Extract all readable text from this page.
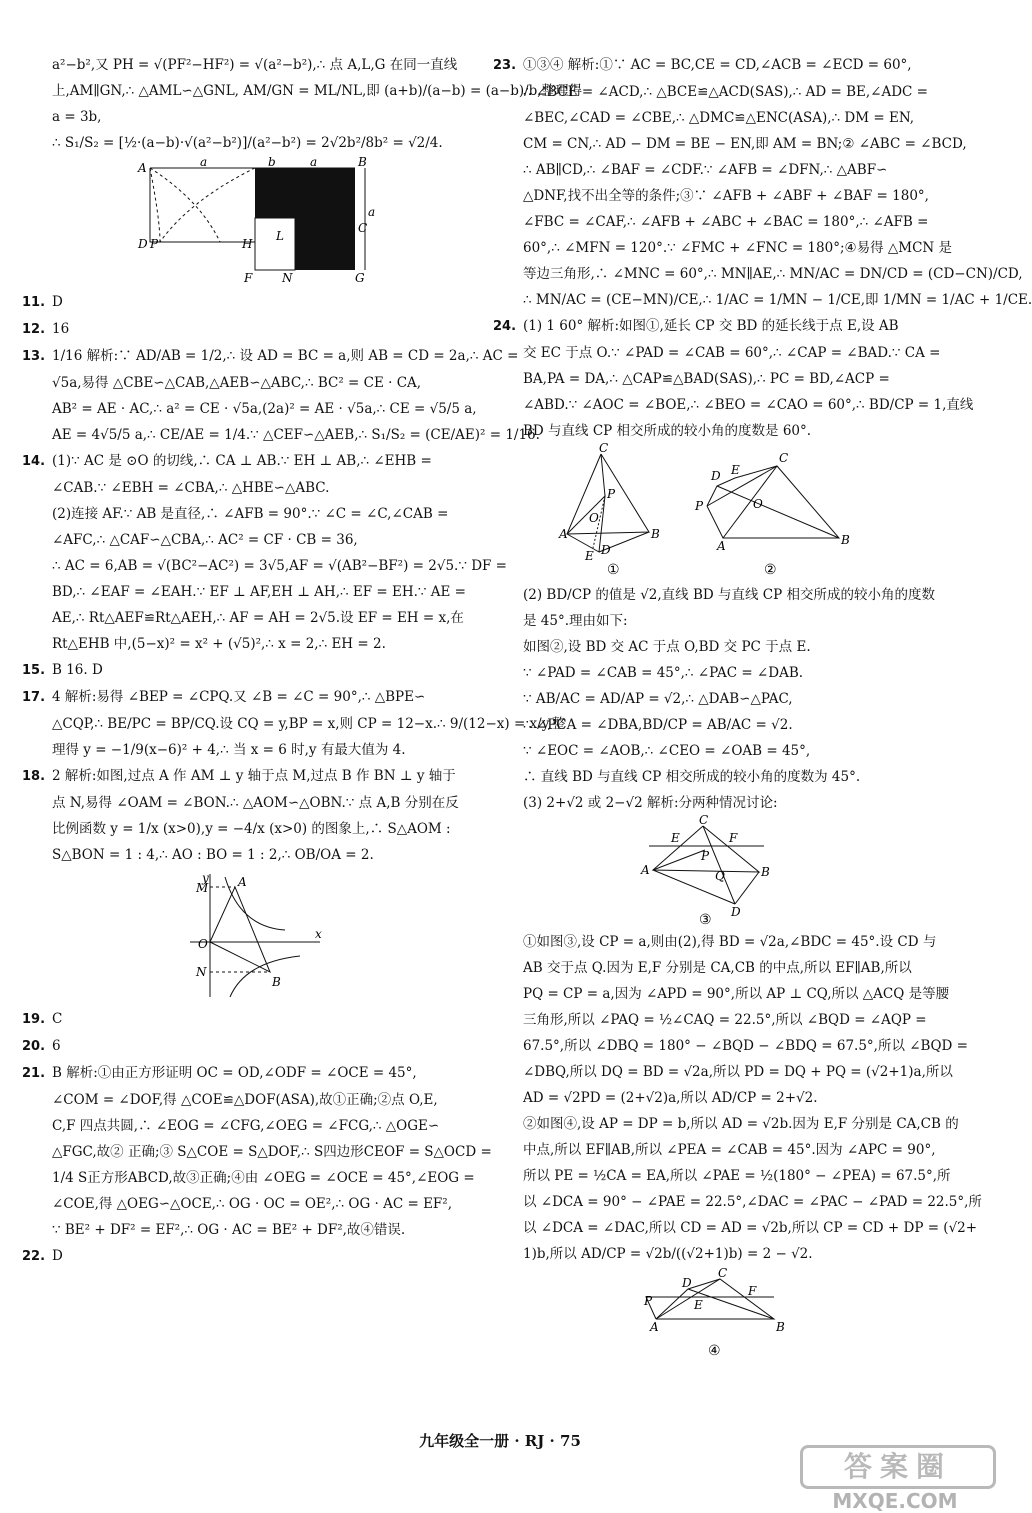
a²−b²,又 PH = √(PF²−HF²) = √(a²−b²),∴ 点 A,L,G 在同一直线
上,AM∥GN,∴ △AML∽△GNL, AM/GN = ML/NL,即 (a+b)/(a−b) = (a−b)/b,整理得
a = 3b,
∴ S₁/S₂ = [½·(a−b)·√(a²−b²)]/(a²−b²) = 2√2b²/8b² = √2/4.
A	a	b	a	B
a
C
D P	H
L
F N	G
11. D
12. 16
13. 1/16 解析:∵ AD/AB = 1/2,∴ 设 AD = BC = a,则 AB = CD = 2a,∴ AC =
√5a,易得 △CBE∽△CAB,△AEB∽△ABC,∴ BC² = CE · CA,
AB² = AE · AC,∴ a² = CE · √5a,(2a)² = AE · √5a,∴ CE = √5/5 a,
AE = 4√5/5 a,∴ CE/AE = 1/4.∵ △CEF∽△AEB,∴ S₁/S₂ = (CE/AE)² = 1/16.
14. (1)∵ AC 是 ⊙O 的切线,∴ CA ⊥ AB.∵ EH ⊥ AB,∴ ∠EHB =
∠CAB.∵ ∠EBH = ∠CBA,∴ △HBE∽△ABC.
(2)连接 AF.∵ AB 是直径,∴ ∠AFB = 90°.∵ ∠C = ∠C,∠CAB =
∠AFC,∴ △CAF∽△CBA,∴ AC² = CF · CB = 36,
∴ AC = 6,AB = √(BC²−AC²) = 3√5,AF = √(AB²−BF²) = 2√5.∵ DF =
BD,∴ ∠EAF = ∠EAH.∵ EF ⊥ AF,EH ⊥ AH,∴ EF = EH.∵ AE =
AE,∴ Rt△AEF≌Rt△AEH,∴ AF = AH = 2√5.设 EF = EH = x,在
Rt△EHB 中,(5−x)² = x² + (√5)²,∴ x = 2,∴ EH = 2.
15. B 16. D
17. 4 解析:易得 ∠BEP = ∠CPQ.又 ∠B = ∠C = 90°,∴ △BPE∽
△CQP,∴ BE/PC = BP/CQ.设 CQ = y,BP = x,则 CP = 12−x.∴ 9/(12−x) = x/y,整
理得 y = −1/9(x−6)² + 4,∴ 当 x = 6 时,y 有最大值为 4.
18. 2 解析:如图,过点 A 作 AM ⊥ y 轴于点 M,过点 B 作 BN ⊥ y 轴于
点 N,易得 ∠OAM = ∠BON.∴ △AOM∽△OBN.∵ 点 A,B 分别在反
比例函数 y = 1/x (x>0),y = −4/x (x>0) 的图象上,∴ S△AOM :
S△BON = 1 : 4,∴ AO : BO = 1 : 2,∴ OB/OA = 2.
y
M A
O
x
N
B
19. C
20. 6
21. B 解析:①由正方形证明 OC = OD,∠ODF = ∠OCE = 45°,
∠COM = ∠DOF,得 △COE≌△DOF(ASA),故①正确;②点 O,E,
C,F 四点共圆,∴ ∠EOG = ∠CFG,∠OEG = ∠FCG,∴ △OGE∽
△FGC,故② 正确;③ S△COE = S△DOF,∴ S四边形CEOF = S△OCD =
1/4 S正方形ABCD,故③正确;④由 ∠OEG = ∠OCE = 45°,∠EOG =
∠COE,得 △OEG∽△OCE,∴ OG · OC = OE²,∴ OG · AC = EF²,
∵ BE² + DF² = EF²,∴ OG · AC = BE² + DF²,故④错误.
22. D
23. ①③④ 解析:①∵ AC = BC,CE = CD,∠ACB = ∠ECD = 60°,
∴ ∠BCE = ∠ACD,∴ △BCE≌△ACD(SAS),∴ AD = BE,∠ADC =
∠BEC,∠CAD = ∠CBE,∴ △DMC≌△ENC(ASA),∴ DM = EN,
CM = CN,∴ AD − DM = BE − EN,即 AM = BN;② ∠ABC = ∠BCD,
∴ AB∥CD,∴ ∠BAF = ∠CDF.∵ ∠AFB = ∠DFN,∴ △ABF∽
△DNF,找不出全等的条件;③∵ ∠AFB + ∠ABF + ∠BAF = 180°,
∠FBC = ∠CAF,∴ ∠AFB + ∠ABC + ∠BAC = 180°,∴ ∠AFB =
60°,∴ ∠MFN = 120°.∵ ∠FMC + ∠FNC = 180°;④易得 △MCN 是
等边三角形,∴ ∠MNC = 60°,∴ MN∥AE,∴ MN/AC = DN/CD = (CD−CN)/CD,
∴ MN/AC = (CE−MN)/CE,∴ 1/AC = 1/MN − 1/CE,即 1/MN = 1/AC + 1/CE.
24. (1) 1 60° 解析:如图①,延长 CP 交 BD 的延长线于点 E,设 AB
交 EC 于点 O.∵ ∠PAD = ∠CAB = 60°,∴ ∠CAP = ∠BAD.∵ CA =
BA,PA = DA,∴ △CAP≌△BAD(SAS),∴ PC = BD,∠ACP =
∠ABD.∵ ∠AOC = ∠BOE,∴ ∠BEO = ∠CAO = 60°,∴ BD/CP = 1,直线
BD 与直线 CP 相交所成的较小角的度数是 60°.
C
P
O
A	B
E D
D E
C
P	O
A	B
①	②
(2) BD/CP 的值是 √2,直线 BD 与直线 CP 相交所成的较小角的度数
是 45°.理由如下:
如图②,设 BD 交 AC 于点 O,BD 交 PC 于点 E.
∵ ∠PAD = ∠CAB = 45°,∴ ∠PAC = ∠DAB.
∵ AB/AC = AD/AP = √2,∴ △DAB∽△PAC,
∴ ∠PCA = ∠DBA,BD/CP = AB/AC = √2.
∵ ∠EOC = ∠AOB,∴ ∠CEO = ∠OAB = 45°,
∴ 直线 BD 与直线 CP 相交所成的较小角的度数为 45°.
(3) 2+√2 或 2−√2 解析:分两种情况讨论:
C
E	F
P
A	Q	B
D
③
①如图③,设 CP = a,则由(2),得 BD = √2a,∠BDC = 45°.设 CD 与
AB 交于点 Q.因为 E,F 分别是 CA,CB 的中点,所以 EF∥AB,所以
PQ = CP = a,因为 ∠APD = 90°,所以 AP ⊥ CQ,所以 △ACQ 是等腰
三角形,所以 ∠PAQ = ½∠CAQ = 22.5°,所以 ∠BQD = ∠AQP =
67.5°,所以 ∠DBQ = 180° − ∠BQD − ∠BDQ = 67.5°,所以 ∠BQD =
∠DBQ,所以 DQ = BD = √2a,所以 PD = DQ + PQ = (√2+1)a,所以
AD = √2PD = (2+√2)a,所以 AD/CP = 2+√2.
②如图④,设 AP = DP = b,所以 AD = √2b.因为 E,F 分别是 CA,CB 的
中点,所以 EF∥AB,所以 ∠PEA = ∠CAB = 45°.因为 ∠APC = 90°,
所以 PE = ½CA = EA,所以 ∠PAE = ½(180° − ∠PEA) = 67.5°,所
以 ∠DCA = 90° − ∠PAE = 22.5°,∠DAC = ∠PAC − ∠PAD = 22.5°,所
以 ∠DCA = ∠DAC,所以 CD = AD = √2b,所以 CP = CD + DP = (√2+
1)b,所以 AD/CP = √2b/((√2+1)b) = 2 − √2.
D
C
F
P	E
A	B
④
九年级全一册 · RJ · 75
答案圈
MXQE.COM
